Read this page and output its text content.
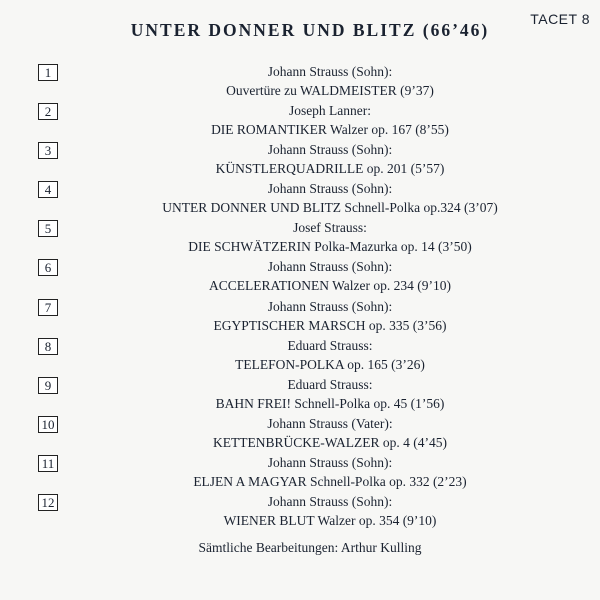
TACET 8
UNTER DONNER UND BLITZ (66’46)
1	Johann Strauss (Sohn):
Ouvertüre zu WALDMEISTER (9’37)
2	Joseph Lanner:
DIE ROMANTIKER Walzer op. 167 (8’55)
3	Johann Strauss (Sohn):
KÜNSTLERQUADRILLE op. 201 (5’57)
4	Johann Strauss (Sohn):
UNTER DONNER UND BLITZ Schnell-Polka op.324 (3’07)
5	Josef Strauss:
DIE SCHWÄTZERIN Polka-Mazurka op. 14 (3’50)
6	Johann Strauss (Sohn):
ACCELERATIONEN Walzer op. 234 (9’10)
7	Johann Strauss (Sohn):
EGYPTISCHER MARSCH op. 335 (3’56)
8	Eduard Strauss:
TELEFON-POLKA op. 165 (3’26)
9	Eduard Strauss:
BAHN FREI! Schnell-Polka op. 45 (1’56)
10	Johann Strauss (Vater):
KETTENBRÜCKE-WALZER op. 4 (4’45)
11	Johann Strauss (Sohn):
ELJEN A MAGYAR Schnell-Polka op. 332 (2’23)
12	Johann Strauss (Sohn):
WIENER BLUT Walzer op. 354 (9’10)
Sämtliche Bearbeitungen: Arthur Kulling
